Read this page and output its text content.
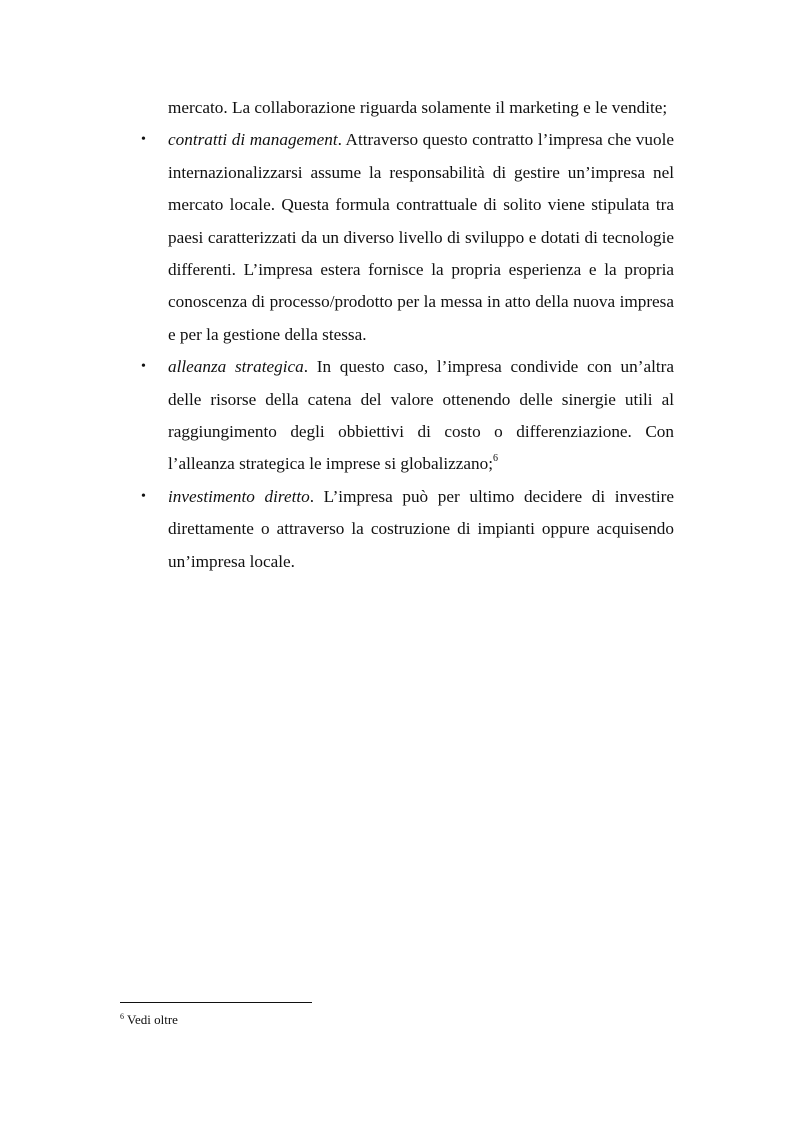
mercato. La collaborazione riguarda solamente il marketing e le vendite;

• contratti di management. Attraverso questo contratto l’impresa che vuole internazionalizzarsi assume la responsabilità di gestire un’impresa nel mercato locale. Questa formula contrattuale di solito viene stipulata tra paesi caratterizzati da un diverso livello di sviluppo e dotati di tecnologie differenti. L’impresa estera fornisce la propria esperienza e la propria conoscenza di processo/prodotto per la messa in atto della nuova impresa e per la gestione della stessa.

• alleanza strategica. In questo caso, l’impresa condivide con un’altra delle risorse della catena del valore ottenendo delle sinergie utili al raggiungimento degli obbiettivi di costo o differenziazione. Con l’alleanza strategica le imprese si globalizzano;$^6$

• investimento diretto. L’impresa può per ultimo decidere di investire direttamente o attraverso la costruzione di impianti oppure acquisendo un’impresa locale.

$^6$ Vedi oltre
